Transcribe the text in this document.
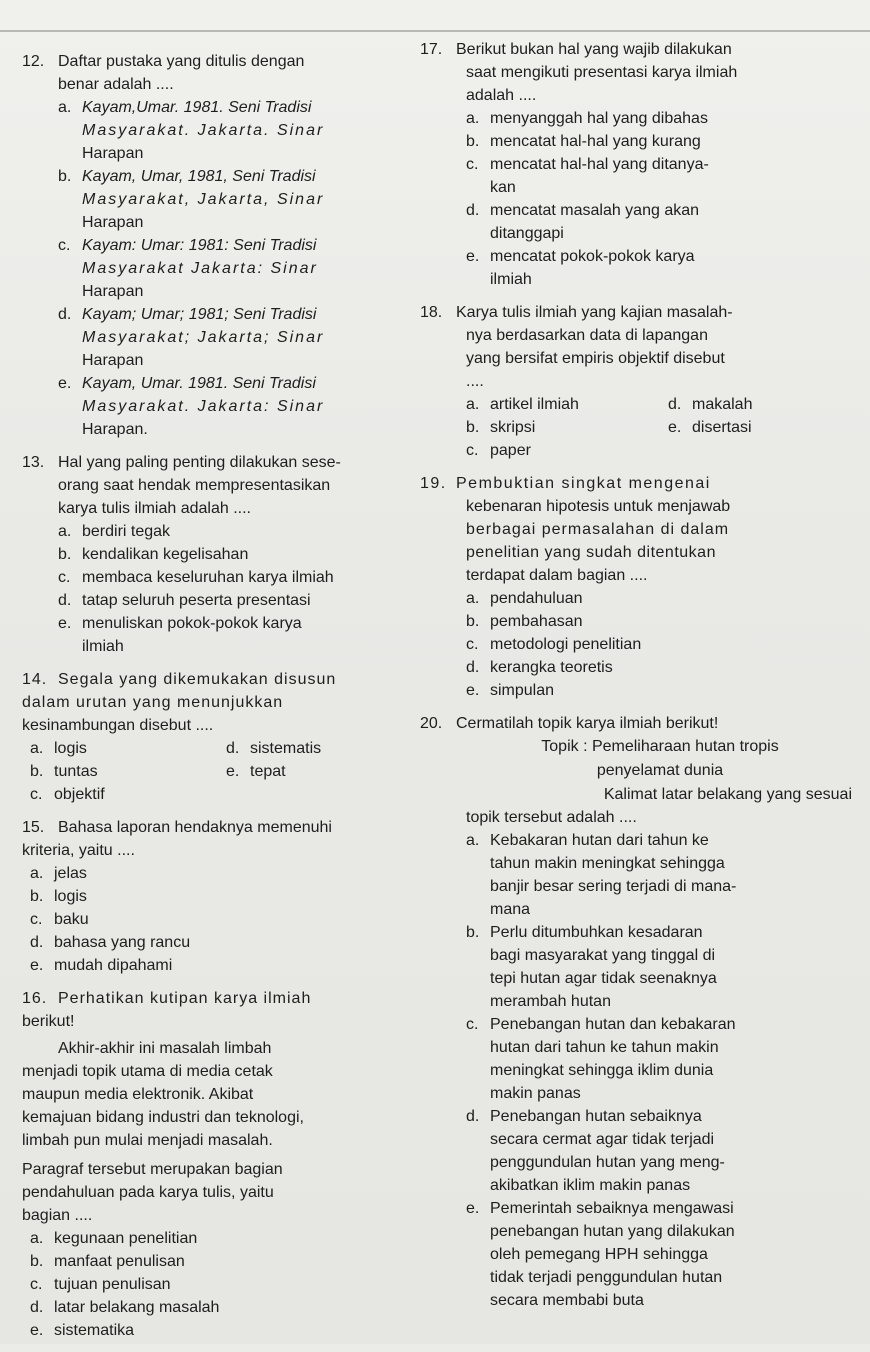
12. Daftar pustaka yang ditulis dengan
benar adalah ....
a. Kayam,Umar. 1981. Seni Tradisi
Masyarakat. Jakarta. Sinar
Harapan
b. Kayam, Umar, 1981, Seni Tradisi
Masyarakat, Jakarta, Sinar
Harapan
c. Kayam: Umar: 1981: Seni Tradisi
Masyarakat Jakarta: Sinar
Harapan
d. Kayam; Umar; 1981; Seni Tradisi
Masyarakat; Jakarta; Sinar
Harapan
e. Kayam, Umar. 1981. Seni Tradisi
Masyarakat. Jakarta: Sinar
Harapan.
13. Hal yang paling penting dilakukan sese-
orang saat hendak mempresentasikan
karya tulis ilmiah adalah ....
a. berdiri tegak
b. kendalikan kegelisahan
c. membaca keseluruhan karya ilmiah
d. tatap seluruh peserta presentasi
e. menuliskan pokok-pokok karya
ilmiah
14. Segala yang dikemukakan disusun
dalam urutan yang menunjukkan
kesinambungan disebut ....
a. logis	d. sistematis
b. tuntas	e. tepat
c. objektif
15. Bahasa laporan hendaknya memenuhi
kriteria, yaitu ....
a. jelas
b. logis
c. baku
d. bahasa yang rancu
e. mudah dipahami
16. Perhatikan kutipan karya ilmiah
berikut!
Akhir-akhir ini masalah limbah
menjadi topik utama di media cetak
maupun media elektronik. Akibat
kemajuan bidang industri dan teknologi,
limbah pun mulai menjadi masalah.
Paragraf tersebut merupakan bagian
pendahuluan pada karya tulis, yaitu
bagian ....
a. kegunaan penelitian
b. manfaat penulisan
c. tujuan penulisan
d. latar belakang masalah
e. sistematika
17. Berikut bukan hal yang wajib dilakukan
saat mengikuti presentasi karya ilmiah
adalah ....
a. menyanggah hal yang dibahas
b. mencatat hal-hal yang kurang
c. mencatat hal-hal yang ditanya-
kan
d. mencatat masalah yang akan
ditanggapi
e. mencatat pokok-pokok karya
ilmiah
18. Karya tulis ilmiah yang kajian masalah-
nya berdasarkan data di lapangan
yang bersifat empiris objektif disebut
....
a. artikel ilmiah	d. makalah
b. skripsi	e. disertasi
c. paper
19. Pembuktian singkat mengenai
kebenaran hipotesis untuk menjawab
berbagai permasalahan di dalam
penelitian yang sudah ditentukan
terdapat dalam bagian ....
a. pendahuluan
b. pembahasan
c. metodologi penelitian
d. kerangka teoretis
e. simpulan
20. Cermatilah topik karya ilmiah berikut!
Topik : Pemeliharaan hutan tropis
penyelamat dunia
Kalimat latar belakang yang sesuai
topik tersebut adalah ....
a. Kebakaran hutan dari tahun ke
tahun makin meningkat sehingga
banjir besar sering terjadi di mana-
mana
b. Perlu ditumbuhkan kesadaran
bagi masyarakat yang tinggal di
tepi hutan agar tidak seenaknya
merambah hutan
c. Penebangan hutan dan kebakaran
hutan dari tahun ke tahun makin
meningkat sehingga iklim dunia
makin panas
d. Penebangan hutan sebaiknya
secara cermat agar tidak terjadi
penggundulan hutan yang meng-
akibatkan iklim makin panas
e. Pemerintah sebaiknya mengawasi
penebangan hutan yang dilakukan
oleh pemegang HPH sehingga
tidak terjadi penggundulan hutan
secara membabi buta
